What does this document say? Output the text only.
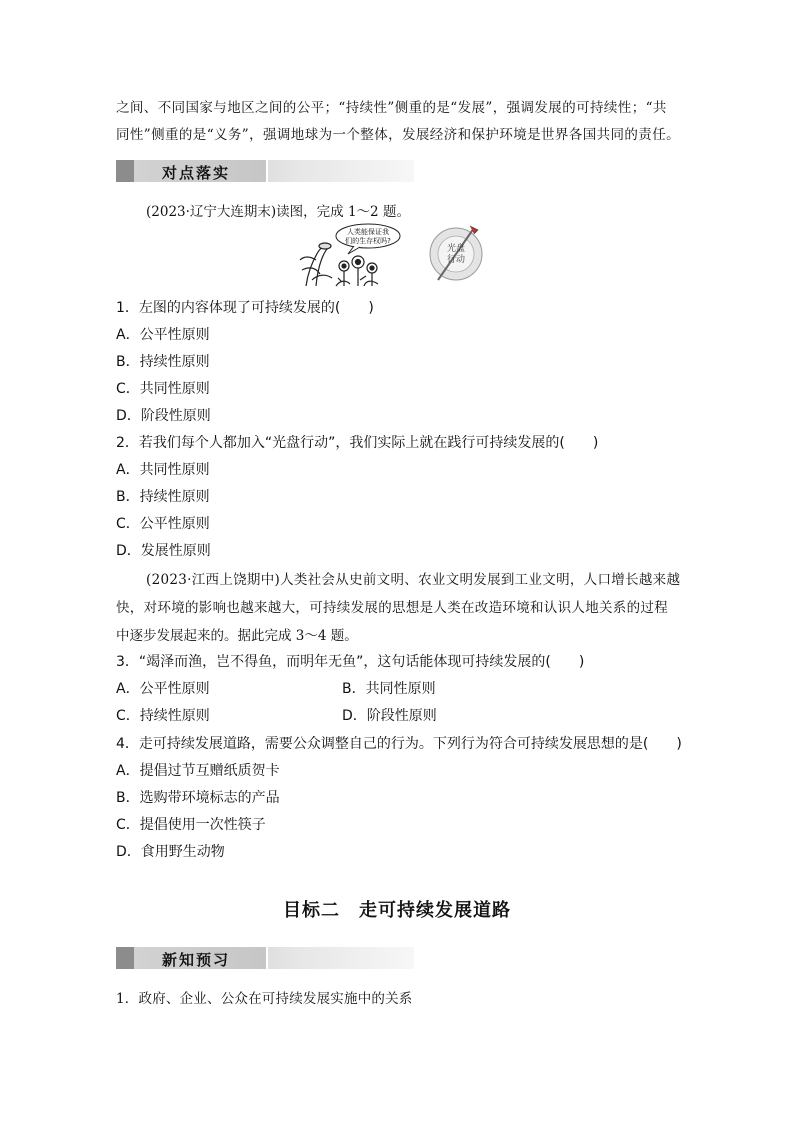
之间、不同国家与地区之间的公平；“持续性”侧重的是“发展”，强调发展的可持续性；“共
同性”侧重的是“义务”，强调地球为一个整体，发展经济和保护环境是世界各国共同的责任。
对点落实
(2023·辽宁大连期末)读图，完成 1～2 题。
人类能保证我
们的生存权吗?
光盘
行动
1．左图的内容体现了可持续发展的(　　)
A．公平性原则
B．持续性原则
C．共同性原则
D．阶段性原则
2．若我们每个人都加入“光盘行动”，我们实际上就在践行可持续发展的(　　)
A．共同性原则
B．持续性原则
C．公平性原则
D．发展性原则
(2023·江西上饶期中)人类社会从史前文明、农业文明发展到工业文明，人口增长越来越
快，对环境的影响也越来越大，可持续发展的思想是人类在改造环境和认识人地关系的过程
中逐步发展起来的。据此完成 3～4 题。
3．“竭泽而渔，岂不得鱼，而明年无鱼”，这句话能体现可持续发展的(　　)
A．公平性原则	B．共同性原则
C．持续性原则	D．阶段性原则
4．走可持续发展道路，需要公众调整自己的行为。下列行为符合可持续发展思想的是(　　)
A．提倡过节互赠纸质贺卡
B．选购带环境标志的产品
C．提倡使用一次性筷子
D．食用野生动物
目标二　走可持续发展道路
新知预习
1．政府、企业、公众在可持续发展实施中的关系
